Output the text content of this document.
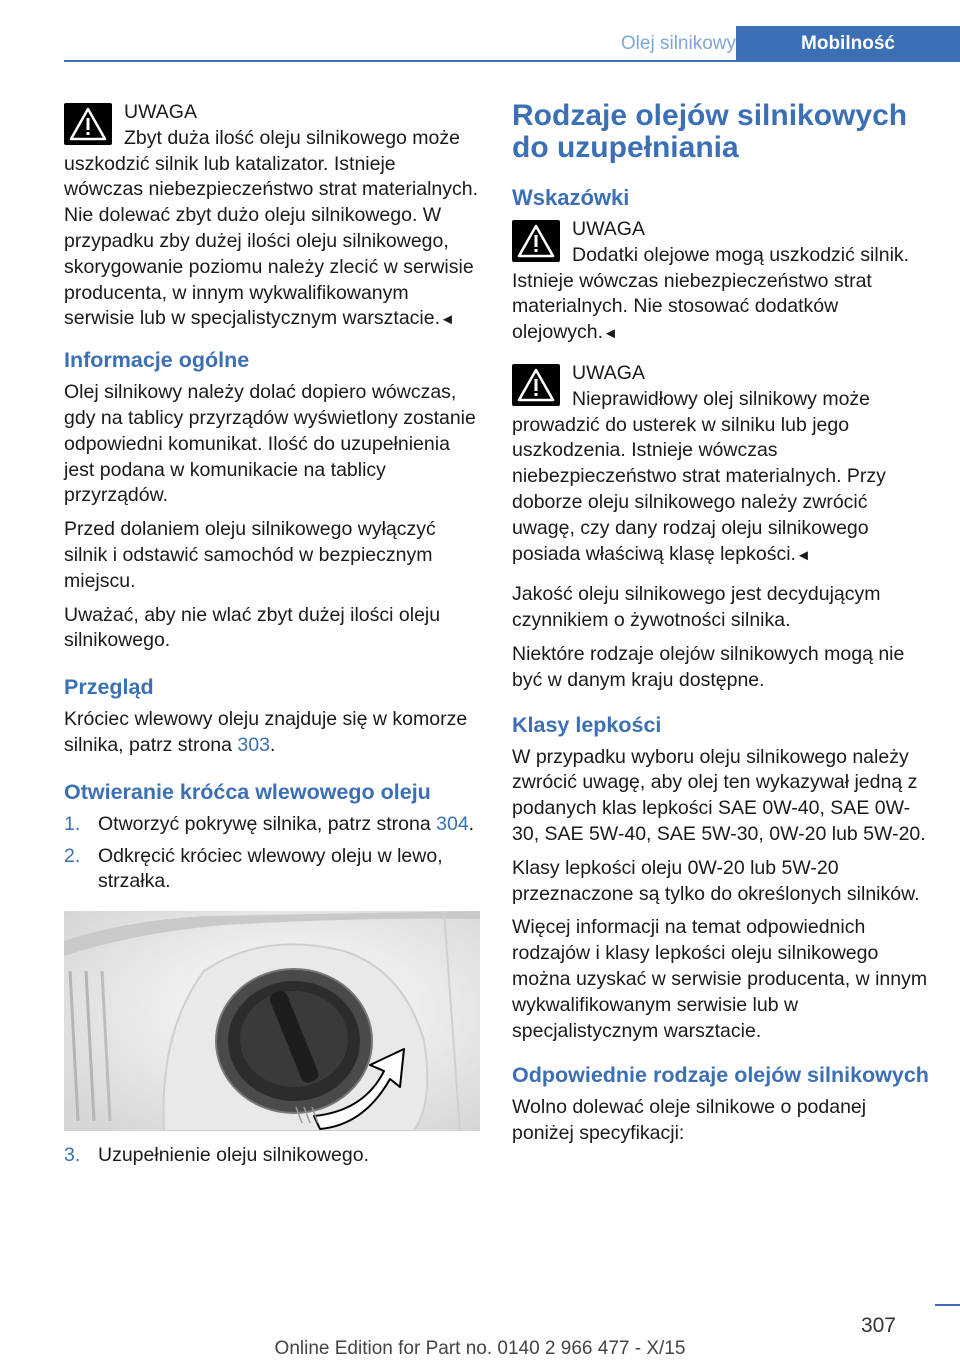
Olej silnikowy	Mobilność
UWAGA
Zbyt duża ilość oleju silnikowego może uszkodzić silnik lub katalizator. Istnieje wówczas niebezpieczeństwo strat materialnych. Nie dolewać zbyt dużo oleju silnikowego. W przypadku zby dużej ilości oleju silnikowego, skorygowanie poziomu należy zlecić w serwisie producenta, w innym wykwalifikowanym serwisie lub w specjalistycznym warsztacie.◄
Informacje ogólne

Olej silnikowy należy dolać dopiero wówczas, gdy na tablicy przyrządów wyświetlony zostanie odpowiedni komunikat. Ilość do uzupełnienia jest podana w komunikacie na tablicy przyrządów.

Przed dolaniem oleju silnikowego wyłączyć silnik i odstawić samochód w bezpiecznym miejscu.

Uważać, aby nie wlać zbyt dużej ilości oleju silnikowego.

Przegląd

Króciec wlewowy oleju znajduje się w komorze silnika, patrz strona 303.

Otwieranie króćca wlewowego oleju
1. Otworzyć pokrywę silnika, patrz strona 304.
2. Odkręcić króciec wlewowy oleju w lewo, strzałka.
3. Uzupełnienie oleju silnikowego.
Rodzaje olejów silnikowych do uzupełniania
Wskazówki
UWAGA
Dodatki olejowe mogą uszkodzić silnik. Istnieje wówczas niebezpieczeństwo strat materialnych. Nie stosować dodatków olejowych.◄
UWAGA
Nieprawidłowy olej silnikowy może prowadzić do usterek w silniku lub jego uszkodzenia. Istnieje wówczas niebezpieczeństwo strat materialnych. Przy doborze oleju silnikowego należy zwrócić uwagę, czy dany rodzaj oleju silnikowego posiada właściwą klasę lepkości.◄

Jakość oleju silnikowego jest decydującym czynnikiem o żywotności silnika.

Niektóre rodzaje olejów silnikowych mogą nie być w danym kraju dostępne.

Klasy lepkości

W przypadku wyboru oleju silnikowego należy zwrócić uwagę, aby olej ten wykazywał jedną z podanych klas lepkości SAE 0W-40, SAE 0W-30, SAE 5W-40, SAE 5W-30, 0W-20 lub 5W-20.

Klasy lepkości oleju 0W-20 lub 5W-20 przeznaczone są tylko do określonych silników.

Więcej informacji na temat odpowiednich rodzajów i klasy lepkości oleju silnikowego można uzyskać w serwisie producenta, w innym wykwalifikowanym serwisie lub w specjalistycznym warsztacie.

Odpowiednie rodzaje olejów silnikowych

Wolno dolewać oleje silnikowe o podanej poniżej specyfikacji:

307
Online Edition for Part no. 0140 2 966 477 - X/15
